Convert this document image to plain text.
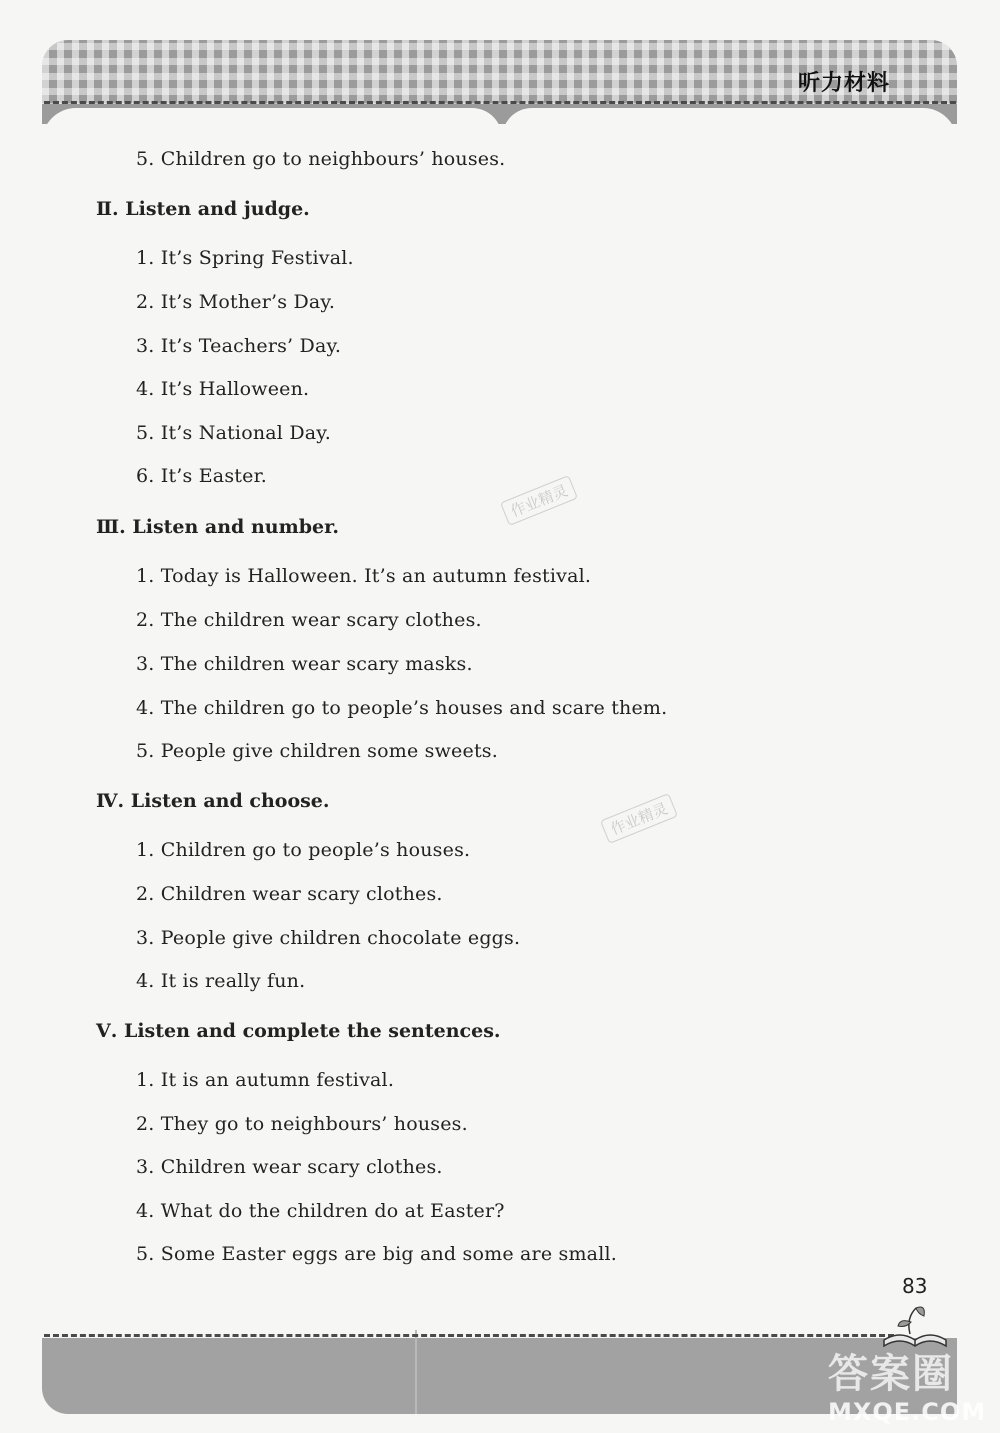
听力材料
5. Children go to neighbours’ houses.
Ⅱ. Listen and judge.
1. It’s Spring Festival.
2. It’s Mother’s Day.
3. It’s Teachers’ Day.
4. It’s Halloween.
5. It’s National Day.
6. It’s Easter.
Ⅲ. Listen and number.
1. Today is Halloween. It’s an autumn festival.
2. The children wear scary clothes.
3. The children wear scary masks.
4. The children go to people’s houses and scare them.
5. People give children some sweets.
Ⅳ. Listen and choose.
1. Children go to people’s houses.
2. Children wear scary clothes.
3. People give children chocolate eggs.
4. It is really fun.
Ⅴ. Listen and complete the sentences.
1. It is an autumn festival.
2. They go to neighbours’ houses.
3. Children wear scary clothes.
4. What do the children do at Easter?
5. Some Easter eggs are big and some are small.
作业精灵
作业精灵
83
答案圈
MXQE.COM
